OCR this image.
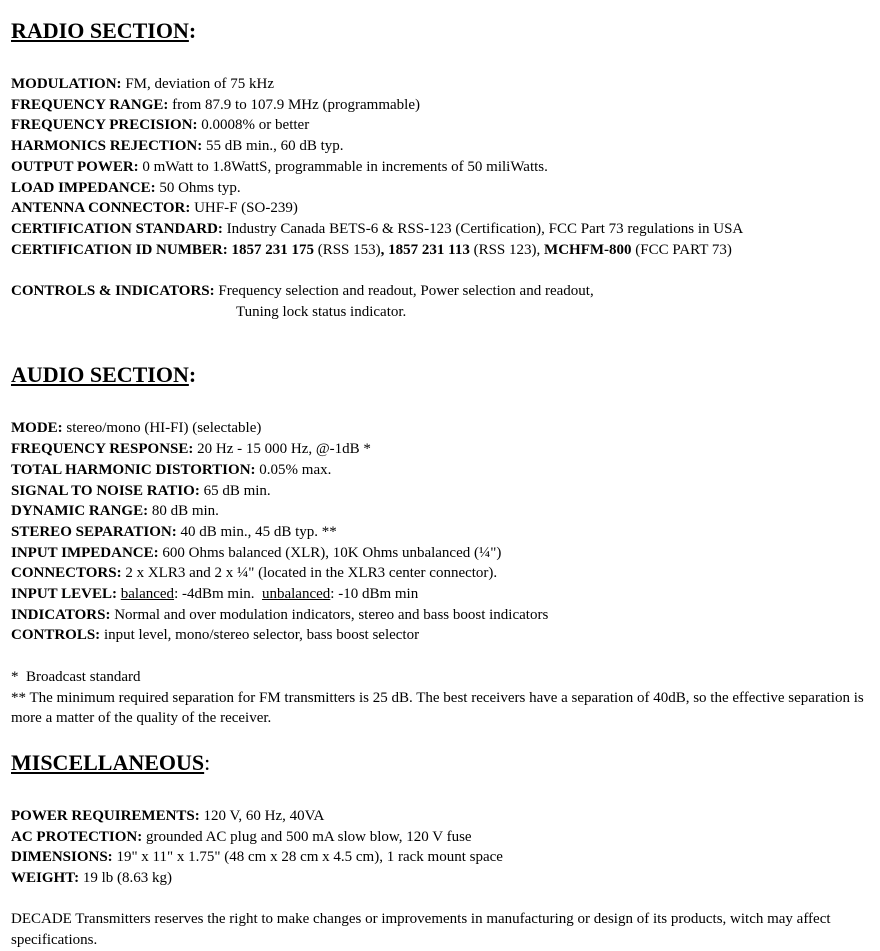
RADIO SECTION:

MODULATION: FM, deviation of 75 kHz

FREQUENCY RANGE: from 87.9 to 107.9 MHz (programmable)

FREQUENCY PRECISION: 0.0008% or better

HARMONICS REJECTION: 55 dB min., 60 dB typ.

OUTPUT POWER: 0 mWatt to 1.8WattS, programmable in increments of 50 miliWatts.

LOAD IMPEDANCE: 50 Ohms typ.

ANTENNA CONNECTOR: UHF-F (SO-239)

CERTIFICATION STANDARD: Industry Canada BETS-6 & RSS-123 (Certification), FCC Part 73 regulations in USA

CERTIFICATION ID NUMBER: 1857 231 175 (RSS 153), 1857 231 113 (RSS 123), MCHFM-800 (FCC PART 73)

CONTROLS & INDICATORS: Frequency selection and readout, Power selection and readout,

Tuning lock status indicator.

AUDIO SECTION:

MODE: stereo/mono (HI-FI) (selectable)

FREQUENCY RESPONSE: 20 Hz - 15 000 Hz, @-1dB *

TOTAL HARMONIC DISTORTION: 0.05% max.

SIGNAL TO NOISE RATIO: 65 dB min.

DYNAMIC RANGE: 80 dB min.

STEREO SEPARATION: 40 dB min., 45 dB typ. **

INPUT IMPEDANCE: 600 Ohms balanced (XLR), 10K Ohms unbalanced (¼")

CONNECTORS: 2 x XLR3 and 2 x ¼" (located in the XLR3 center connector).

INPUT LEVEL: balanced: -4dBm min. unbalanced: -10 dBm min

INDICATORS: Normal and over modulation indicators, stereo and bass boost indicators

CONTROLS: input level, mono/stereo selector, bass boost selector

*  Broadcast standard

** The minimum required separation for FM transmitters is 25 dB. The best receivers have a separation of 40dB, so the effective separation is more a matter of the quality of the receiver.

MISCELLANEOUS:

POWER REQUIREMENTS: 120 V, 60 Hz, 40VA

AC PROTECTION: grounded AC plug and 500 mA slow blow, 120 V fuse

DIMENSIONS: 19" x 11" x 1.75" (48 cm x 28 cm x 4.5 cm), 1 rack mount space

WEIGHT: 19 lb (8.63 kg)

DECADE Transmitters reserves the right to make changes or improvements in manufacturing or design of its products, witch may affect specifications.
